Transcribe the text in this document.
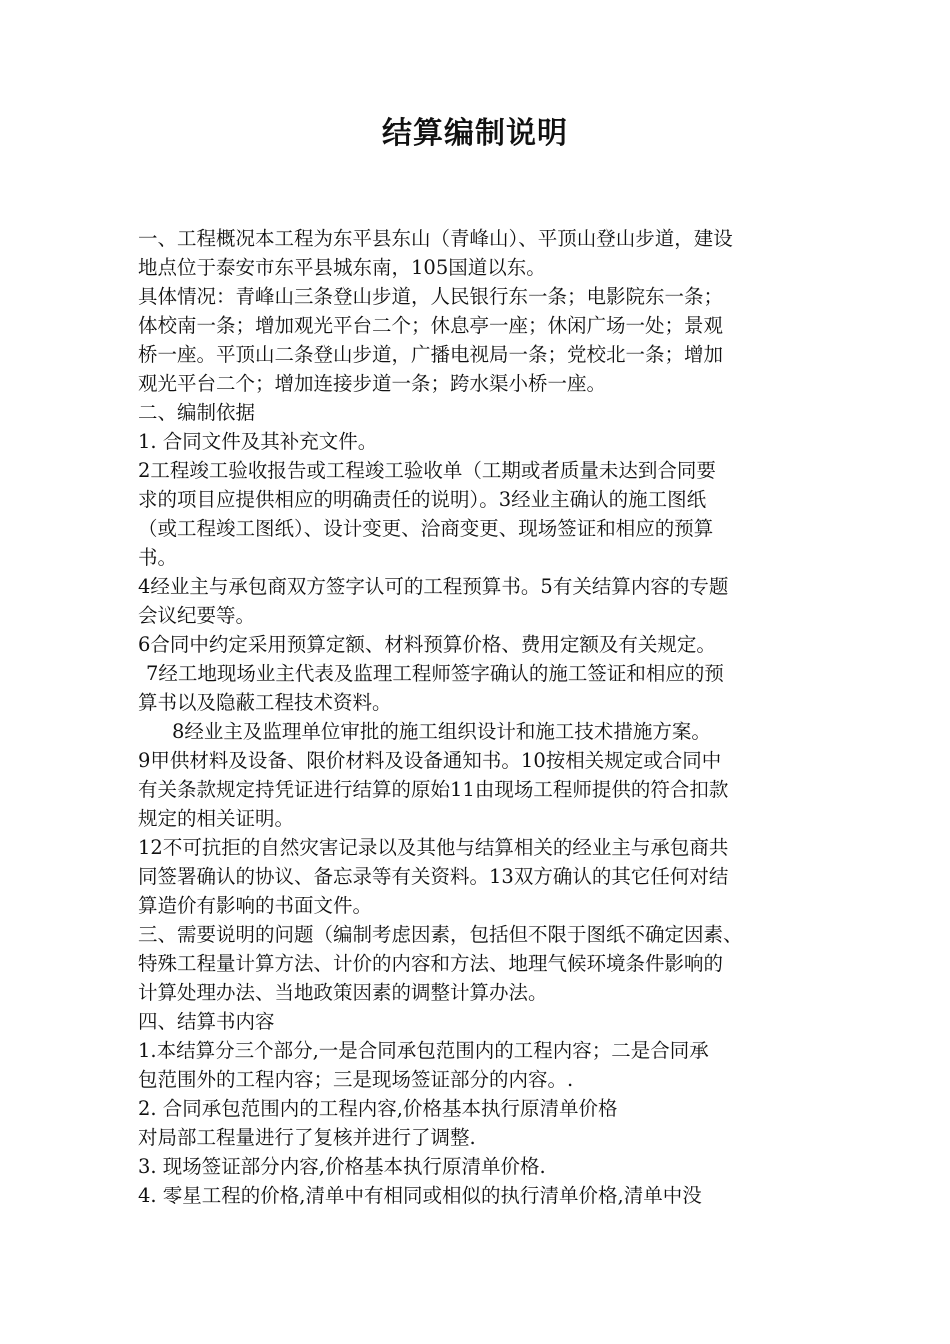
结算编制说明
一、工程概况本工程为东平县东山（青峰山）、平顶山登山步道，建设
地点位于泰安市东平县城东南，105国道以东。
具体情况：青峰山三条登山步道，人民银行东一条；电影院东一条；
体校南一条；增加观光平台二个；休息亭一座；休闲广场一处；景观
桥一座。平顶山二条登山步道，广播电视局一条；党校北一条；增加
观光平台二个；增加连接步道一条；跨水渠小桥一座。
二、编制依据
1. 合同文件及其补充文件。
2工程竣工验收报告或工程竣工验收单（工期或者质量未达到合同要
求的项目应提供相应的明确责任的说明）。3经业主确认的施工图纸
（或工程竣工图纸）、设计变更、洽商变更、现场签证和相应的预算
书。
4经业主与承包商双方签字认可的工程预算书。5有关结算内容的专题
会议纪要等。
6合同中约定采用预算定额、材料预算价格、费用定额及有关规定。
7经工地现场业主代表及监理工程师签字确认的施工签证和相应的预
算书以及隐蔽工程技术资料。
8经业主及监理单位审批的施工组织设计和施工技术措施方案。
9甲供材料及设备、限价材料及设备通知书。10按相关规定或合同中
有关条款规定持凭证进行结算的原始11由现场工程师提供的符合扣款
规定的相关证明。
12不可抗拒的自然灾害记录以及其他与结算相关的经业主与承包商共
同签署确认的协议、备忘录等有关资料。13双方确认的其它任何对结
算造价有影响的书面文件。
三、需要说明的问题（编制考虑因素，包括但不限于图纸不确定因素、
特殊工程量计算方法、计价的内容和方法、地理气候环境条件影响的
计算处理办法、当地政策因素的调整计算办法。
四、结算书内容
1.本结算分三个部分,一是合同承包范围内的工程内容；二是合同承
包范围外的工程内容；三是现场签证部分的内容。.
2. 合同承包范围内的工程内容,价格基本执行原清单价格
对局部工程量进行了复核并进行了调整.
3. 现场签证部分内容,价格基本执行原清单价格.
4. 零星工程的价格,清单中有相同或相似的执行清单价格,清单中没
